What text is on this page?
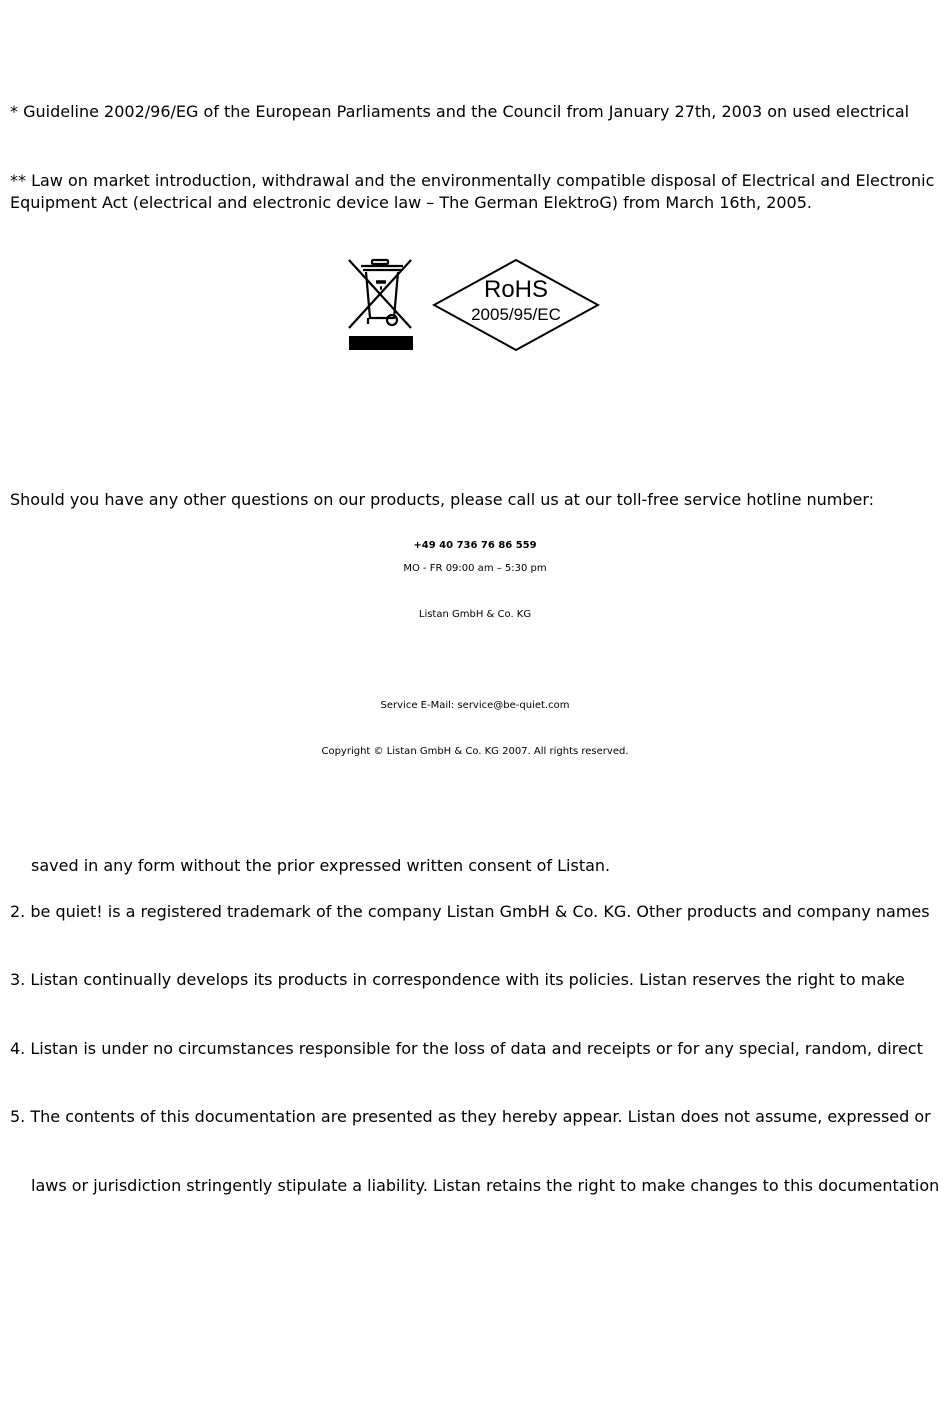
* Guideline 2002/96/EG of the European Parliaments and the Council from January 27th, 2003 on used electrical
** Law on market introduction, withdrawal and the environmentally compatible disposal of Electrical and Electronic
Equipment Act (electrical and electronic device law – The German ElektroG) from March 16th, 2005.
RoHS
2005/95/EC
Should you have any other questions on our products, please call us at our toll-free service hotline number:
+49 40 736 76 86 559
MO - FR 09:00 am – 5:30 pm
Listan GmbH & Co. KG
Service E-Mail: service@be-quiet.com
Copyright © Listan GmbH & Co. KG 2007. All rights reserved.
saved in any form without the prior expressed written consent of Listan.
2. be quiet! is a registered trademark of the company Listan GmbH & Co. KG. Other products and company names
3. Listan continually develops its products in correspondence with its policies. Listan reserves the right to make
4. Listan is under no circumstances responsible for the loss of data and receipts or for any special, random, direct
5. The contents of this documentation are presented as they hereby appear. Listan does not assume, expressed or
laws or jurisdiction stringently stipulate a liability. Listan retains the right to make changes to this documentation
